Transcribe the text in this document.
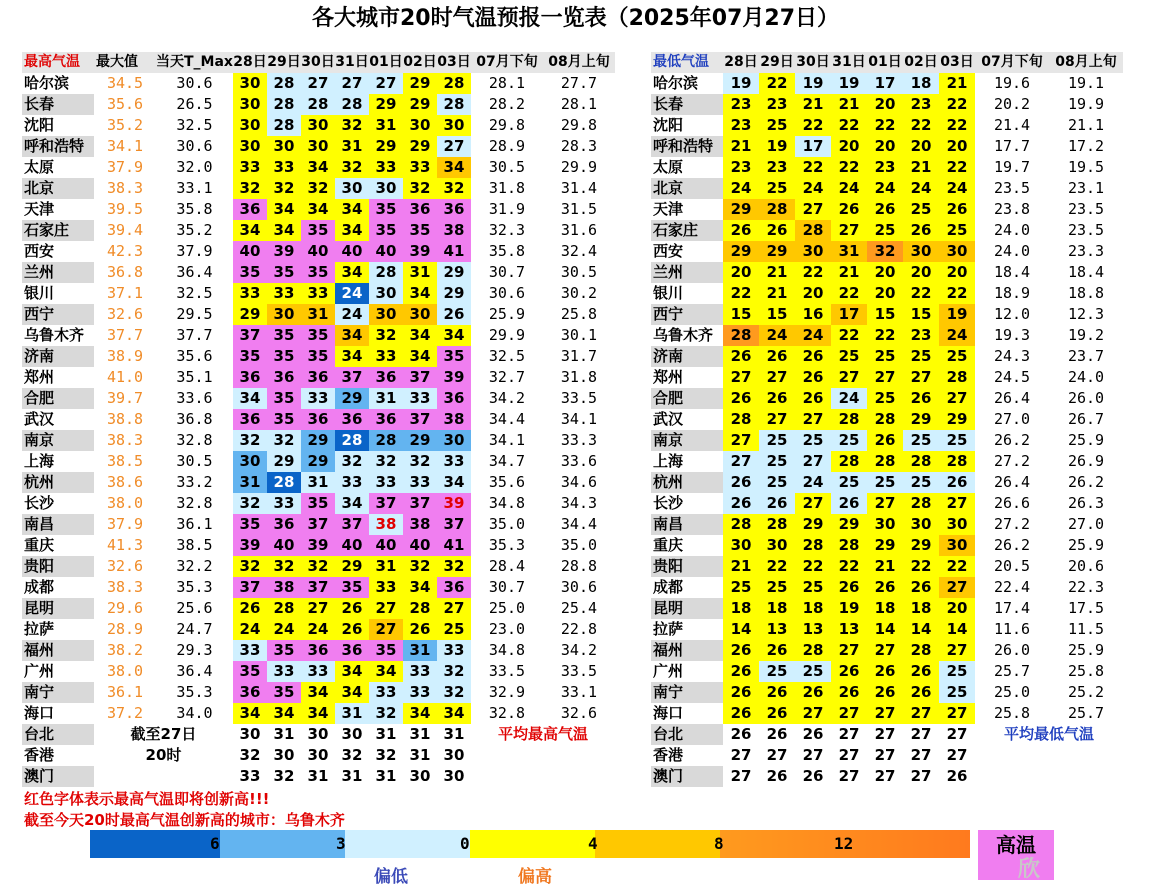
各大城市20时气温预报一览表（2025年07月27日）
最高气温	最大值	当天T_Max	28日	29日	30日	31日	01日	02日	03日	07月下旬	08月上旬
哈尔滨	34.5	30.6	30	28	27	27	27	29	28	28.1	27.7
长春	35.6	26.5	30	28	28	28	29	29	28	28.2	28.1
沈阳	35.2	32.5	30	28	30	32	31	30	30	29.8	29.8
呼和浩特	34.1	30.6	30	30	30	31	29	29	27	28.9	28.3
太原	37.9	32.0	33	33	34	32	33	33	34	30.5	29.9
北京	38.3	33.1	32	32	32	30	30	32	32	31.8	31.4
天津	39.5	35.8	36	34	34	34	35	36	36	31.9	31.5
石家庄	39.4	35.2	34	34	35	34	35	35	38	32.3	31.6
西安	42.3	37.9	40	39	40	40	40	39	41	35.8	32.4
兰州	36.8	36.4	35	35	35	34	28	31	29	30.7	30.5
银川	37.1	32.5	33	33	33	24	30	34	29	30.6	30.2
西宁	32.6	29.5	29	30	31	24	30	30	26	25.9	25.8
乌鲁木齐	37.7	37.7	37	35	35	34	32	34	34	29.9	30.1
济南	38.9	35.6	35	35	35	34	33	34	35	32.5	31.7
郑州	41.0	35.1	36	36	36	37	36	37	39	32.7	31.8
合肥	39.7	33.6	34	35	33	29	31	33	36	34.2	33.5
武汉	38.8	36.8	36	35	36	36	36	37	38	34.4	34.1
南京	38.3	32.8	32	32	29	28	28	29	30	34.1	33.3
上海	38.5	30.5	30	29	29	32	32	32	33	34.7	33.6
杭州	38.6	33.2	31	28	31	33	33	33	34	35.6	34.6
长沙	38.0	32.8	32	33	35	34	37	37	39	34.8	34.3
南昌	37.9	36.1	35	36	37	37	38	38	37	35.0	34.4
重庆	41.3	38.5	39	40	39	40	40	40	41	35.3	35.0
贵阳	32.6	32.2	32	32	32	29	31	32	32	28.4	28.8
成都	38.3	35.3	37	38	37	35	33	34	36	30.7	30.6
昆明	29.6	25.6	26	28	27	26	27	28	27	25.0	25.4
拉萨	28.9	24.7	24	24	24	26	27	26	25	23.0	22.8
福州	38.2	29.3	33	35	36	36	35	31	33	34.8	34.2
广州	38.0	36.4	35	33	33	34	34	33	32	33.5	33.5
南宁	36.1	35.3	36	35	34	34	33	33	32	32.9	33.1
海口	37.2	34.0	34	34	34	31	32	34	34	32.8	32.6
台北	截至27日		30	31	30	30	31	31	31	平均最高气温	
香港	20时		32	30	30	32	32	31	30		
澳门			33	32	31	31	31	30	30		
最低气温	28日	29日	30日	31日	01日	02日	03日	07月下旬	08月上旬
哈尔滨	19	22	19	19	17	18	21	19.6	19.1
长春	23	23	21	21	20	23	22	20.2	19.9
沈阳	23	25	22	22	22	22	22	21.4	21.1
呼和浩特	21	19	17	20	20	20	20	17.7	17.2
太原	23	23	22	22	23	21	22	19.7	19.5
北京	24	25	24	24	24	24	24	23.5	23.1
天津	29	28	27	26	26	25	26	23.8	23.5
石家庄	26	26	28	27	25	26	25	24.0	23.5
西安	29	29	30	31	32	30	30	24.0	23.3
兰州	20	21	22	21	20	20	20	18.4	18.4
银川	22	21	20	22	20	22	22	18.9	18.8
西宁	15	15	16	17	15	15	19	12.0	12.3
乌鲁木齐	28	24	24	22	22	23	24	19.3	19.2
济南	26	26	26	25	25	25	25	24.3	23.7
郑州	27	27	26	27	27	27	28	24.5	24.0
合肥	26	26	26	24	25	26	27	26.4	26.0
武汉	28	27	27	28	28	29	29	27.0	26.7
南京	27	25	25	25	26	25	25	26.2	25.9
上海	27	25	27	28	28	28	28	27.2	26.9
杭州	26	25	24	25	25	25	26	26.4	26.2
长沙	26	26	27	26	27	28	27	26.6	26.3
南昌	28	28	29	29	30	30	30	27.2	27.0
重庆	30	30	28	28	29	29	30	26.2	25.9
贵阳	21	22	22	22	21	22	22	20.5	20.6
成都	25	25	25	26	26	26	27	22.4	22.3
昆明	18	18	18	19	18	18	20	17.4	17.5
拉萨	14	13	13	13	14	14	14	11.6	11.5
福州	26	26	28	27	27	28	27	26.0	25.9
广州	26	25	25	26	26	26	25	25.7	25.8
南宁	26	26	26	26	26	26	25	25.0	25.2
海口	26	26	27	27	27	27	27	25.8	25.7
台北	26	26	26	27	27	27	27	平均最低气温	
香港	27	27	27	27	27	27	27		
澳门	27	26	26	27	27	27	26		
红色字体表示最高气温即将创新高!!!
截至今天20时最高气温创新高的城市：乌鲁木齐
6	3	0	4	8	12
偏低	偏高
高温
欣
